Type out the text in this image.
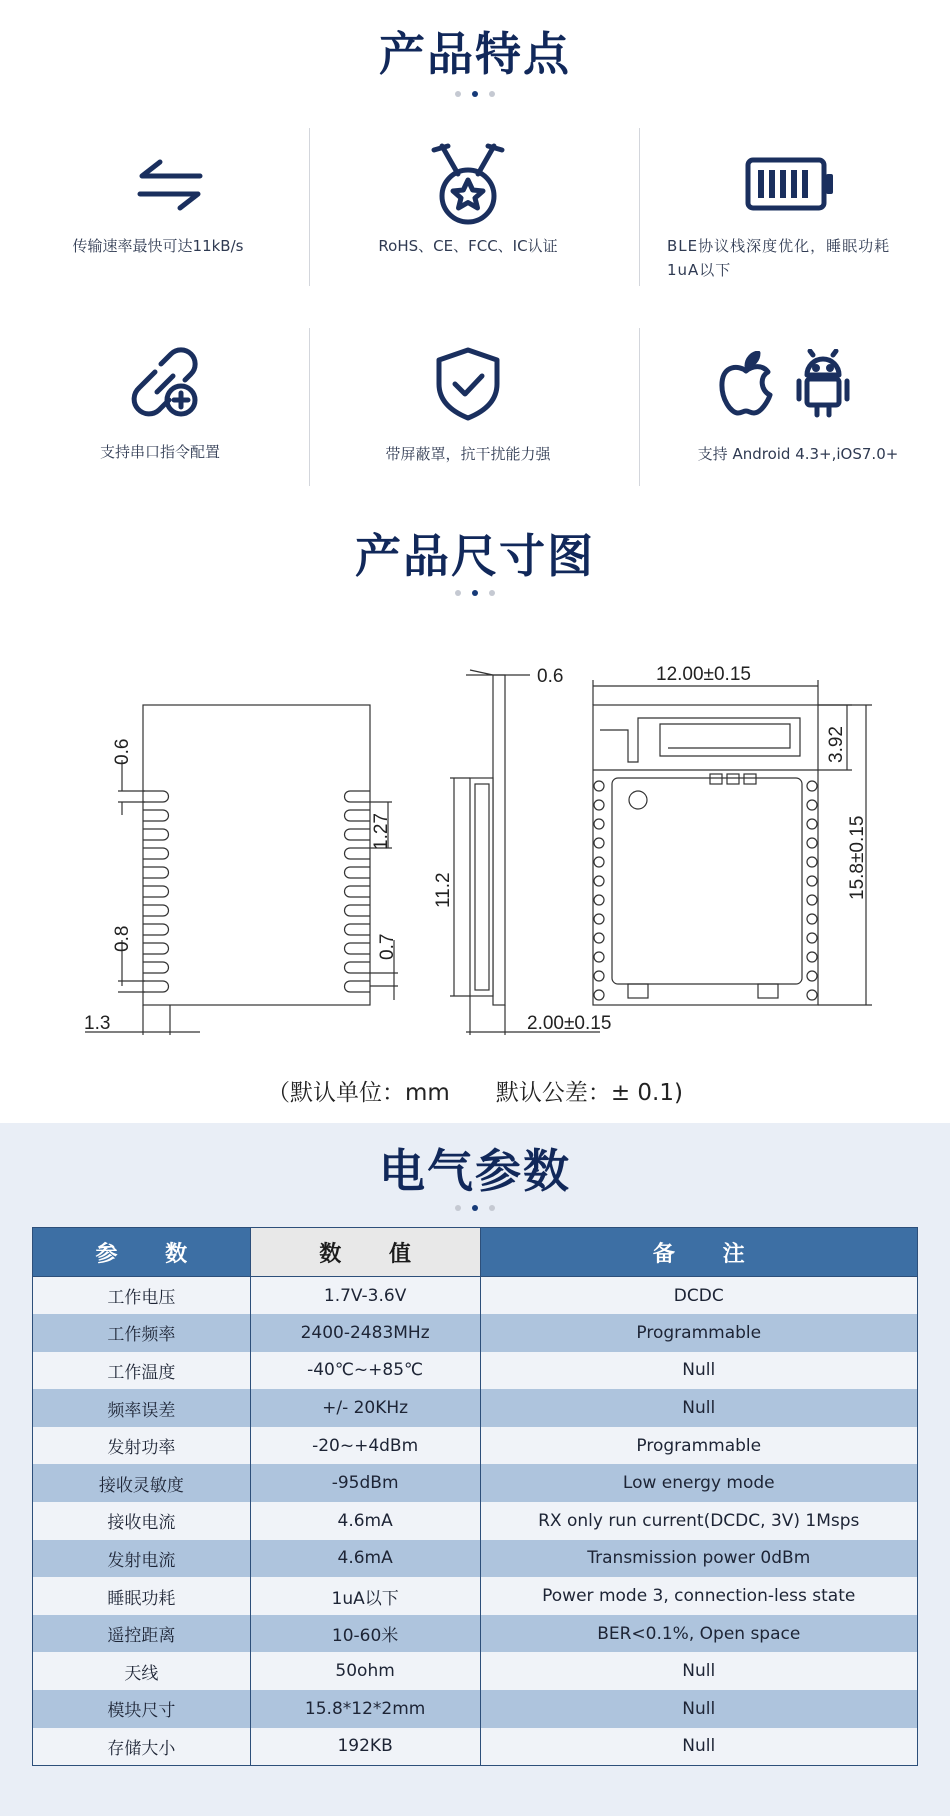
产品特点
传输速率最快可达11kB/s	RoHS、CE、FCC、IC认证	BLE协议栈深度优化，睡眠功耗
1uA以下
支持串口指令配置	带屏蔽罩，抗干扰能力强	支持 Android 4.3+,iOS7.0+
产品尺寸图
0.6
1.27
0.8	0.7
1.3
0.6
11.2
2.00±0.15
12.00±0.15
3.92
15.8±0.15
（默认单位：mm　　默认公差：± 0.1)
电气参数
参 数	数 值	备 注
工作电压	1.7V-3.6V	DCDC
工作频率	2400-2483MHz	Programmable
工作温度	-40℃~+85℃	Null
频率误差	+/- 20KHz	Null
发射功率	-20~+4dBm	Programmable
接收灵敏度	-95dBm	Low energy mode
接收电流	4.6mA	RX only run current(DCDC, 3V) 1Msps
发射电流	4.6mA	Transmission power 0dBm
睡眠功耗	1uA以下	Power mode 3, connection-less state
遥控距离	10-60米	BER<0.1%, Open space
天线	50ohm	Null
模块尺寸	15.8*12*2mm	Null
存储大小	192KB	Null
